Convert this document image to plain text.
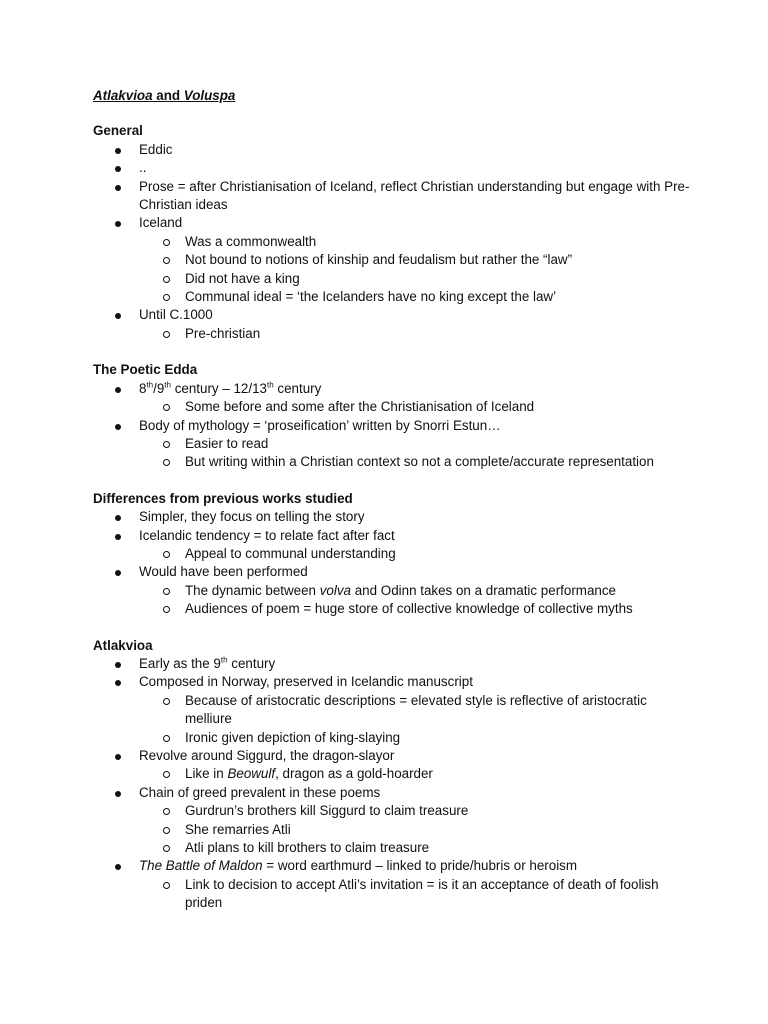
Atlakvioa and Voluspa
General
Eddic
..
Prose = after Christianisation of Iceland, reflect Christian understanding but engage with Pre-Christian ideas
Iceland
Was a commonwealth
Not bound to notions of kinship and feudalism but rather the “law”
Did not have a king
Communal ideal = ‘the Icelanders have no king except the law’
Until C.1000
Pre-christian
The Poetic Edda
8th/9th century – 12/13th century
Some before and some after the Christianisation of Iceland
Body of mythology = ‘proseification’ written by Snorri Estun…
Easier to read
But writing within a Christian context so not a complete/accurate representation
Differences from previous works studied
Simpler, they focus on telling the story
Icelandic tendency = to relate fact after fact
Appeal to communal understanding
Would have been performed
The dynamic between volva and Odinn takes on a dramatic performance
Audiences of poem = huge store of collective knowledge of collective myths
Atlakvioa
Early as the 9th century
Composed in Norway, preserved in Icelandic manuscript
Because of aristocratic descriptions = elevated style is reflective of aristocratic melliure
Ironic given depiction of king-slaying
Revolve around Siggurd, the dragon-slayor
Like in Beowulf, dragon as a gold-hoarder
Chain of greed prevalent in these poems
Gurdrun’s brothers kill Siggurd to claim treasure
She remarries Atli
Atli plans to kill brothers to claim treasure
The Battle of Maldon = word earthmurd – linked to pride/hubris or heroism
Link to decision to accept Atli’s invitation = is it an acceptance of death of foolish priden
